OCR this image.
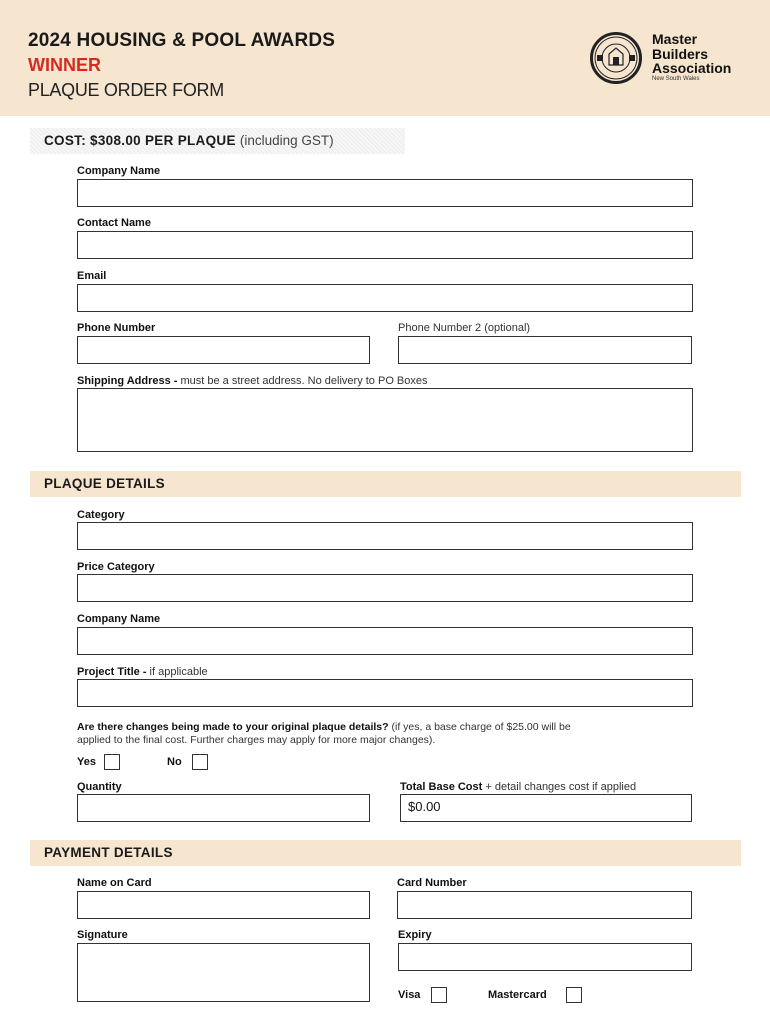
2024 HOUSING & POOL AWARDS
WINNER
PLAQUE ORDER FORM
Master
Builders
Association
New South Wales
COST: $308.00 PER PLAQUE (including GST)
Company Name
Contact Name
Email
Phone Number	Phone Number 2 (optional)
Shipping Address - must be a street address. No delivery to PO Boxes
PLAQUE DETAILS
Category
Price Category
Company Name
Project Title - if applicable
Are there changes being made to your original plaque details? (if yes, a base charge of $25.00 will be
applied to the final cost. Further charges may apply for more major changes).
Yes	No
Quantity	Total Base Cost + detail changes cost if applied
$0.00
PAYMENT DETAILS
Name on Card	Card Number
Signature	Expiry
Visa	Mastercard
